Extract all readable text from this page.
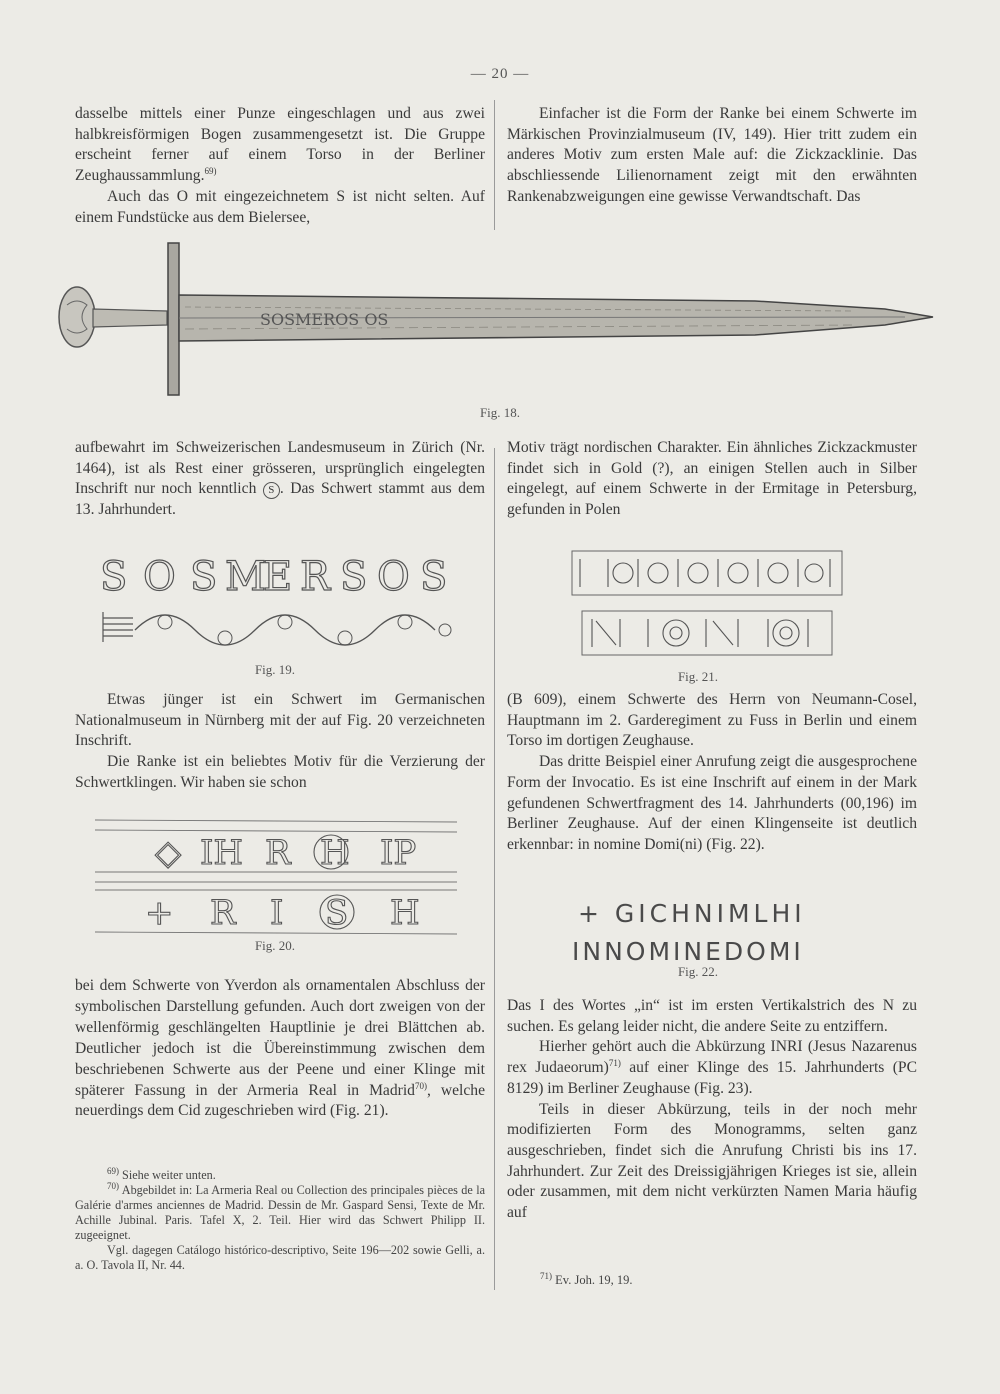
— 20 —

dasselbe mittels einer Punze eingeschlagen und aus zwei halbkreisförmigen Bogen zusammengesetzt ist. Die Gruppe erscheint ferner auf einem Torso in der Berliner Zeughaussammlung.$^{69)}$

Auch das O mit eingezeichnetem S ist nicht selten. Auf einem Fundstücke aus dem Bielersee,

Einfacher ist die Form der Ranke bei einem Schwerte im Märkischen Provinzialmuseum (IV, 149). Hier tritt zudem ein anderes Motiv zum ersten Male auf: die Zickzacklinie. Das abschliessende Lilienornament zeigt mit den erwähnten Rankenabzweigungen eine gewisse Verwandtschaft. Das

SOSMEROS OS
Fig. 18.

aufbewahrt im Schweizerischen Landesmuseum in Zürich (Nr. 1464), ist als Rest einer grösseren, ursprünglich eingelegten Inschrift nur noch kenntlich S . Das Schwert stammt aus dem 13. Jahrhundert.

Motiv trägt nordischen Charakter. Ein ähnliches Zickzackmuster findet sich in Gold (?), an einigen Stellen auch in Silber eingelegt, auf einem Schwerte in der Ermitage in Petersburg, gefunden in Polen

S O S M
E R S O S
Fig. 19.	Fig. 21.

Etwas jünger ist ein Schwert im Germanischen Nationalmuseum in Nürnberg mit der auf Fig. 20 verzeichneten Inschrift.

Die Ranke ist ein beliebtes Motiv für die Verzierung der Schwertklingen. Wir haben sie schon

◇ IH R H IP
+ R I S H
Fig. 20.

bei dem Schwerte von Yverdon als ornamentalen Abschluss der symbolischen Darstellung gefunden. Auch dort zweigen von der wellenförmig geschlängelten Hauptlinie je drei Blättchen ab. Deutlicher jedoch ist die Übereinstimmung zwischen dem beschriebenen Schwerte aus der Peene und einer Klinge mit späterer Fassung in der Armeria Real in Madrid$^{70)}$, welche neuerdings dem Cid zugeschrieben wird (Fig. 21).

(B 609), einem Schwerte des Herrn von Neumann-Cosel, Hauptmann im 2. Garderegiment zu Fuss in Berlin und einem Torso im dortigen Zeughause.

Das dritte Beispiel einer Anrufung zeigt die ausgesprochene Form der Invocatio. Es ist eine Inschrift auf einem in der Mark gefundenen Schwertfragment des 14. Jahrhunderts (00,196) im Berliner Zeughause. Auf der einen Klingenseite ist deutlich erkennbar: in nomine Domi(ni) (Fig. 22).

+ GICHNIMLHI
INNOMINEDOMI
Fig. 22.

Das I des Wortes „in“ ist im ersten Vertikalstrich des N zu suchen. Es gelang leider nicht, die andere Seite zu entziffern.

Hierher gehört auch die Abkürzung INRI (Jesus Nazarenus rex Judaeorum)$^{71)}$ auf einer Klinge des 15. Jahrhunderts (PC 8129) im Berliner Zeughause (Fig. 23).

Teils in dieser Abkürzung, teils in der noch mehr modifizierten Form des Monogramms, selten ganz ausgeschrieben, findet sich die Anrufung Christi bis ins 17. Jahrhundert. Zur Zeit des Dreissigjährigen Krieges ist sie, allein oder zusammen, mit dem nicht verkürzten Namen Maria häufig auf

$^{69)}$ Siehe weiter unten.

$^{70)}$ Abgebildet in: La Armeria Real ou Collection des principales pièces de la Galérie d'armes anciennes de Madrid. Dessin de Mr. Gaspard Sensi, Texte de Mr. Achille Jubinal. Paris. Tafel X, 2. Teil. Hier wird das Schwert Philipp II. zugeeignet.

Vgl. dagegen Catálogo histórico-descriptivo, Seite 196—202 sowie Gelli, a. a. O. Tavola II, Nr. 44.

$^{71)}$ Ev. Joh. 19, 19.
